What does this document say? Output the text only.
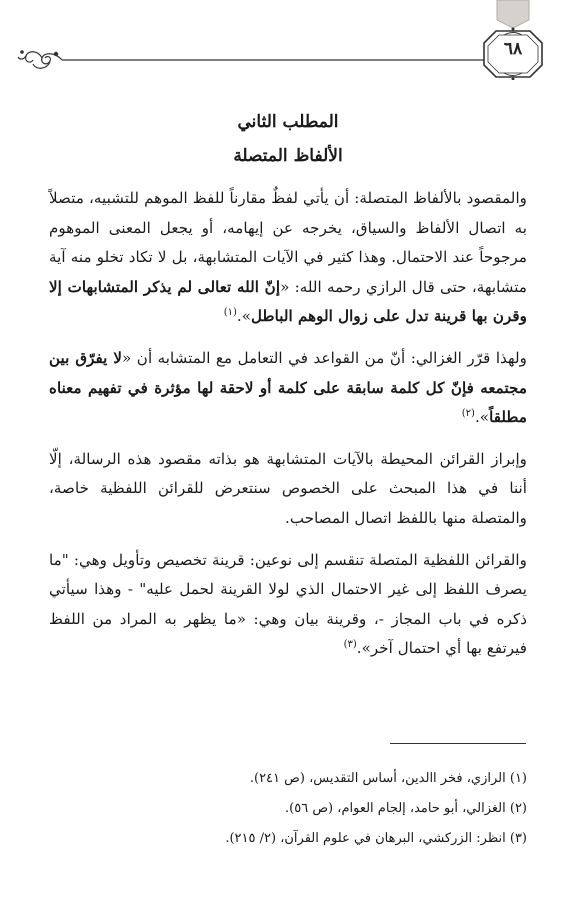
٦٨
المطلب الثاني
الألفاظ المتصلة

والمقصود بالألفاظ المتصلة: أن يأتي لفظٌ مقارناً للفظ الموهم للتشبيه، متصلاً به اتصال الألفاظ والسياق، يخرجه عن إيهامه، أو يجعل المعنى الموهوم مرجوحاً عند الاحتمال. وهذا كثير في الآيات المتشابهة، بل لا تكاد تخلو منه آية متشابهة، حتى قال الرازي رحمه الله: «إنّ الله تعالى لم يذكر المتشابهات إلا وقرن بها قرينة تدل على زوال الوهم الباطل».$^{(١)}$

ولهذا قرّر الغزالي: أنّ من القواعد في التعامل مع المتشابه أن «لا يفرّق بين مجتمعه فإنّ كل كلمة سابقة على كلمة أو لاحقة لها مؤثرة في تفهيم معناه مطلقاً».$^{(٢)}$

وإبراز القرائن المحيطة بالآيات المتشابهة هو بذاته مقصود هذه الرسالة، إلّا أننا في هذا المبحث على الخصوص سنتعرض للقرائن اللفظية خاصة، والمتصلة منها باللفظ اتصال المصاحب.

والقرائن اللفظية المتصلة تنقسم إلى نوعين: قرينة تخصيص وتأويل وهي: "ما يصرف اللفظ إلى غير الاحتمال الذي لولا القرينة لحمل عليه" - وهذا سيأتي ذكره في باب المجاز -، وقرينة بيان وهي: «ما يظهر به المراد من اللفظ فيرتفع بها أي احتمال آخر».$^{(٣)}$

(١) الرازي، فخر االدين، أساس التقديس، (ص ٢٤١).
(٢) الغزالي، أبو حامد، إلجام العوام، (ص ٥٦).
(٣) انظر: الزركشي، البرهان في علوم القرآن، (٢/ ٢١٥).
